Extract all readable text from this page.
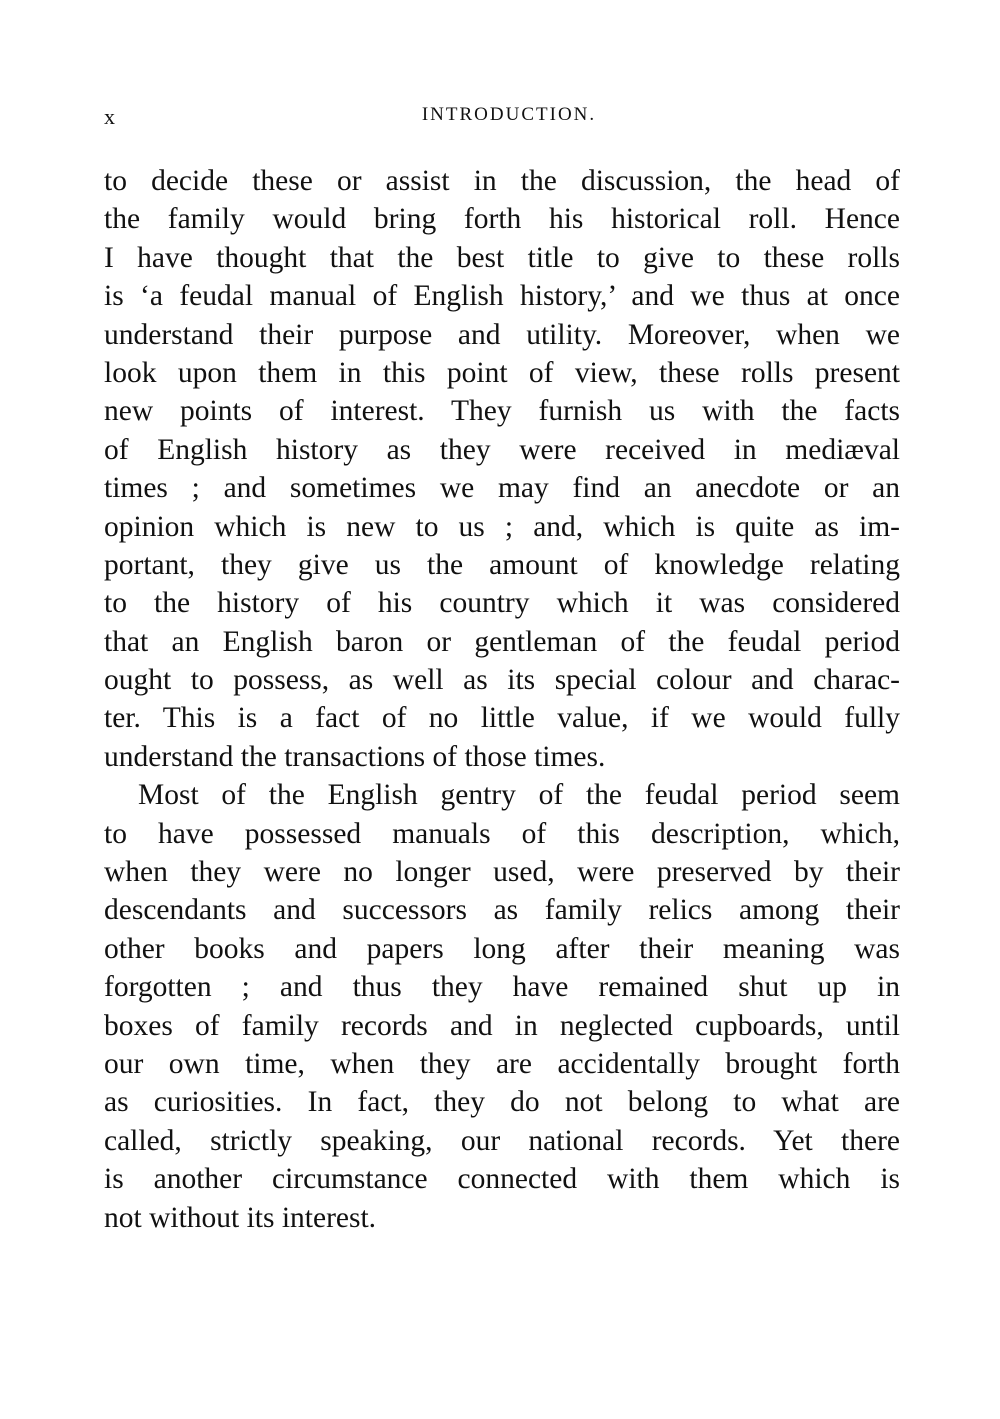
x	INTRODUCTION.
to decide these or assist in the discussion, the head of
the family would bring forth his historical roll. Hence
I have thought that the best title to give to these rolls
is ‘a feudal manual of English history,’ and we thus at once
understand their purpose and utility. Moreover, when we
look upon them in this point of view, these rolls present
new points of interest. They furnish us with the facts
of English history as they were received in mediæval
times ; and sometimes we may find an anecdote or an
opinion which is new to us ; and, which is quite as im-
portant, they give us the amount of knowledge relating
to the history of his country which it was considered
that an English baron or gentleman of the feudal period
ought to possess, as well as its special colour and charac-
ter. This is a fact of no little value, if we would fully
understand the transactions of those times.
Most of the English gentry of the feudal period seem
to have possessed manuals of this description, which,
when they were no longer used, were preserved by their
descendants and successors as family relics among their
other books and papers long after their meaning was
forgotten ; and thus they have remained shut up in
boxes of family records and in neglected cupboards, until
our own time, when they are accidentally brought forth
as curiosities. In fact, they do not belong to what are
called, strictly speaking, our national records. Yet there
is another circumstance connected with them which is
not without its interest.
